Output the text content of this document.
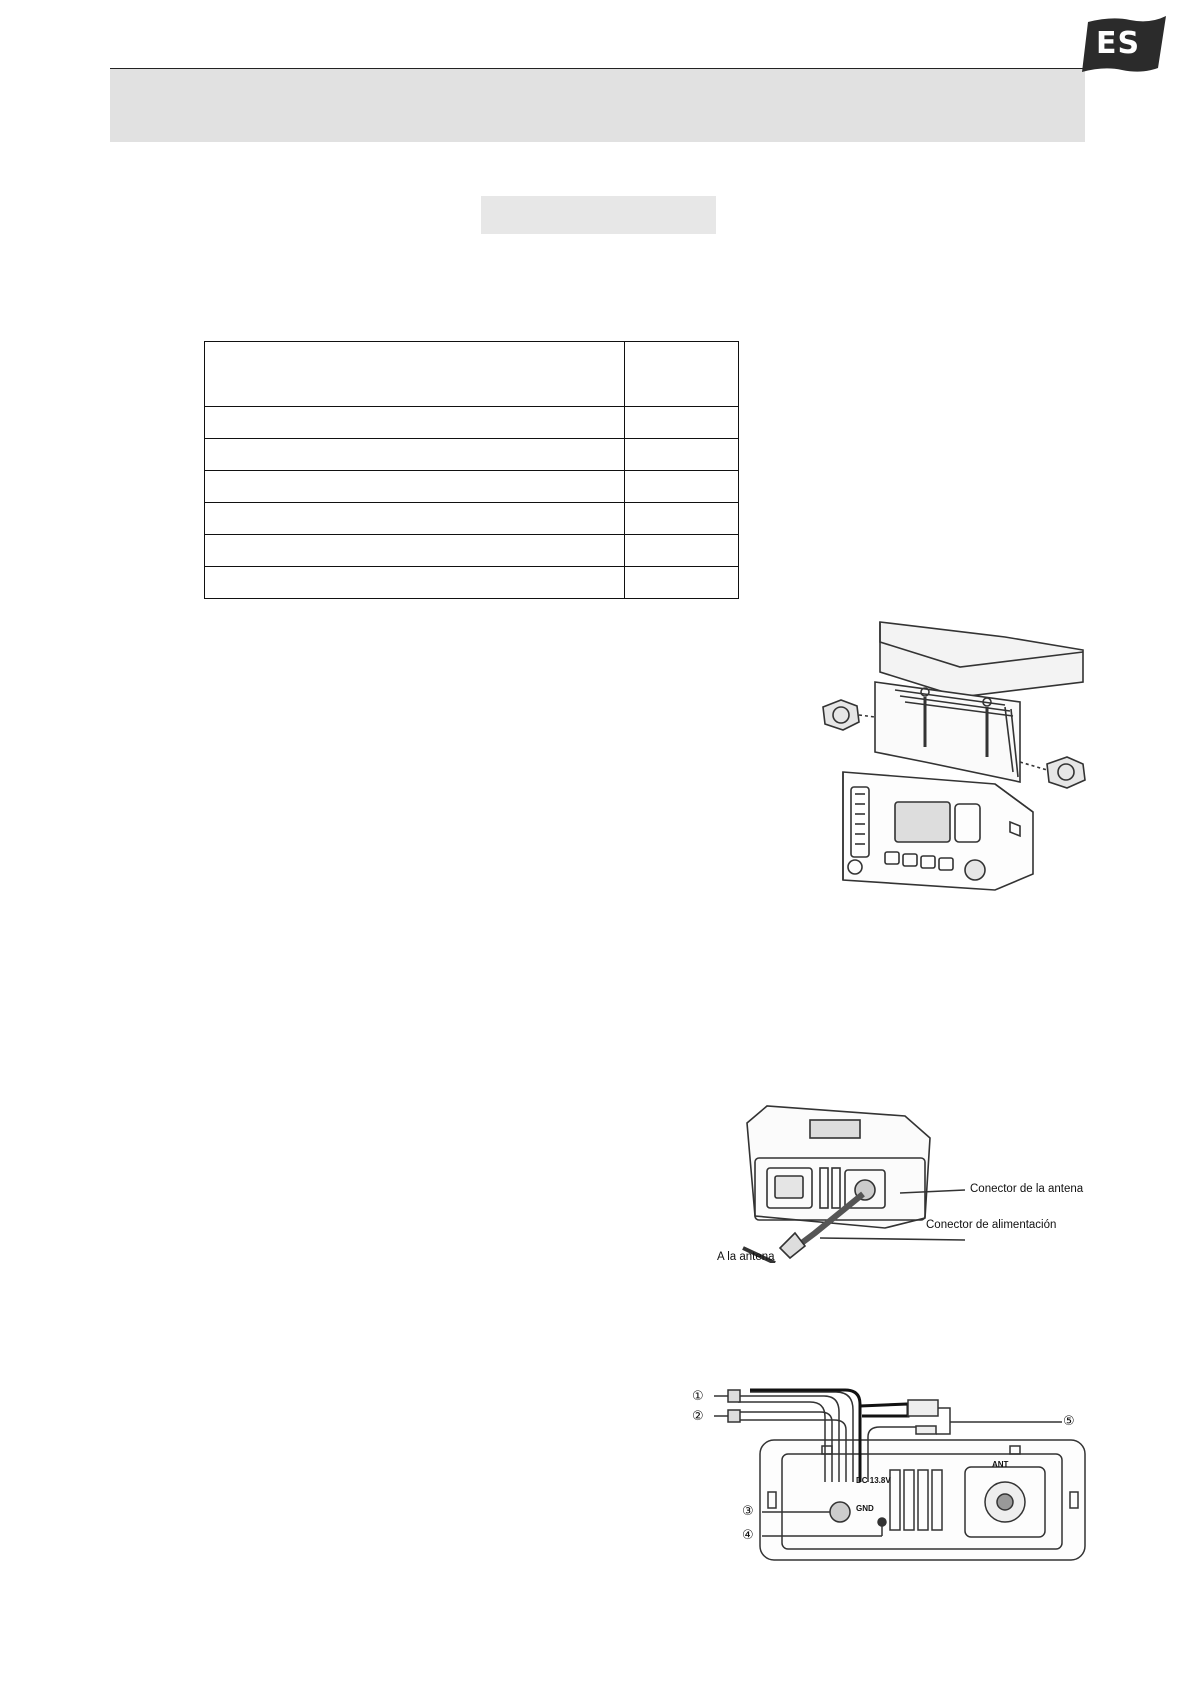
ES

Conector de la antena
Conector de alimentación
A la antena
①
②
③
④
⑤
DC 13.8V
GND
ANT
